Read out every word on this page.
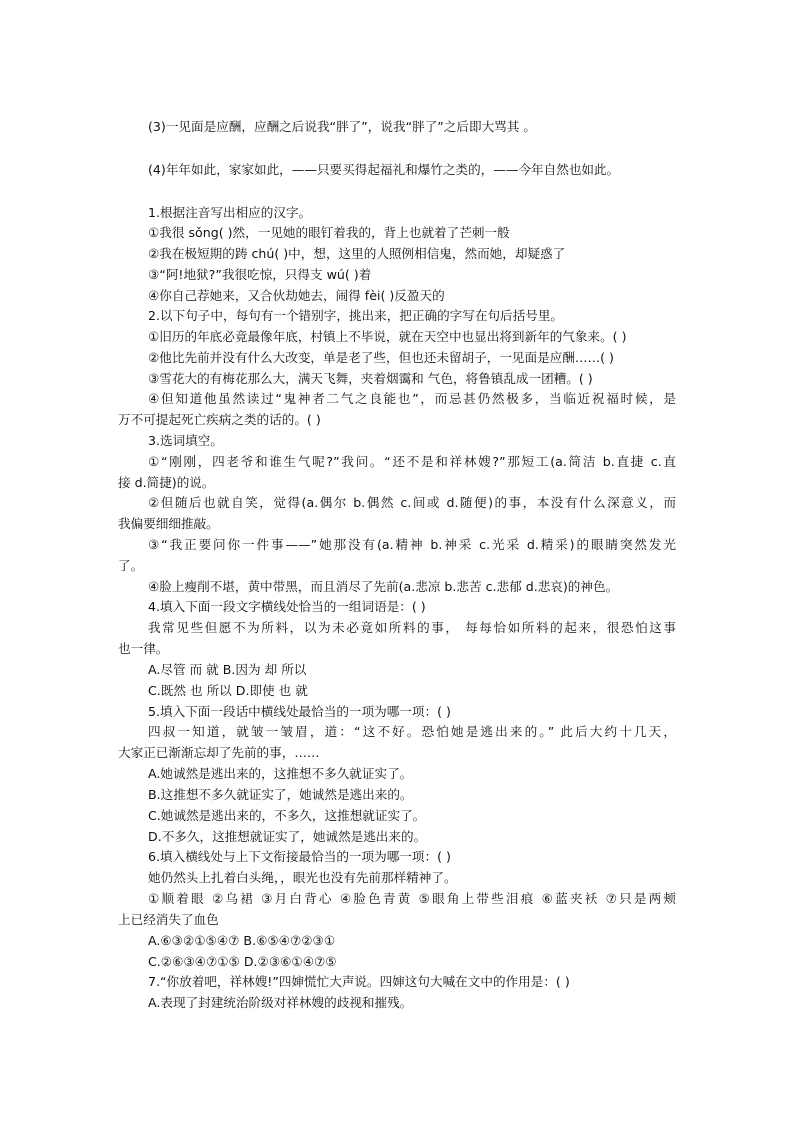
(3)一见面是应酬，应酬之后说我“胖了”，说我“胖了”之后即大骂其 。
(4)年年如此，家家如此，——只要买得起福礼和爆竹之类的，——今年自然也如此。
1.根据注音写出相应的汉字。
①我很 sǒng( )然，一见她的眼钉着我的，背上也就着了芒刺一般
②我在极短期的踌 chú( )中，想，这里的人照例相信鬼，然而她，却疑惑了
③“阿!地狱?”我很吃惊，只得支 wú( )着
④你自己荐她来，又合伙劫她去，闹得 fèi( )反盈天的
2.以下句子中，每句有一个错别字，挑出来，把正确的字写在句后括号里。
①旧历的年底必竟最像年底，村镇上不毕说，就在天空中也显出将到新年的气象来。( )
②他比先前并没有什么大改变，单是老了些，但也还未留胡子，一见面是应酬……( )
③雪花大的有梅花那么大，满天飞舞，夹着烟霭和 气色，将鲁镇乱成一团糟。( )
④但知道他虽然读过“鬼神者二气之良能也”，而忌甚仍然极多，当临近祝福时候，是
万不可提起死亡疾病之类的话的。( )
3.选词填空。
①“刚刚，四老爷和谁生气呢?”我问。“还不是和祥林嫂?”那短工(a.简洁 b.直捷 c.直
接 d.简捷)的说。
②但随后也就自笑，觉得(a.偶尔 b.偶然 c.间或 d.随便)的事，本没有什么深意义，而
我偏要细细推敲。
③“我正要问你一件事——”她那没有(a.精神 b.神采 c.光采 d.精采)的眼睛突然发光
了。
④脸上瘦削不堪，黄中带黑，而且消尽了先前(a.悲凉 b.悲苦 c.悲郁 d.悲哀)的神色。
4.填入下面一段文字横线处恰当的一组词语是：( )
我常见些但愿不为所料，以为未必竟如所料的事， 每每恰如所料的起来，很恐怕这事
也一律。
A.尽管 而 就 B.因为 却 所以
C.既然 也 所以 D.即使 也 就
5.填入下面一段话中横线处最恰当的一项为哪一项：( )
四叔一知道，就皱一皱眉，道：“这不好。恐怕她是逃出来的。” 此后大约十几天，
大家正已渐渐忘却了先前的事，……
A.她诚然是逃出来的，这推想不多久就证实了。
B.这推想不多久就证实了，她诚然是逃出来的。
C.她诚然是逃出来的，不多久，这推想就证实了。
D.不多久，这推想就证实了，她诚然是逃出来的。
6.填入横线处与上下文衔接最恰当的一项为哪一项：( )
她仍然头上扎着白头绳，，眼光也没有先前那样精神了。
①顺着眼 ②乌裙 ③月白背心 ④脸色青黄 ⑤眼角上带些泪痕 ⑥蓝夹袄 ⑦只是两颊
上已经消失了血色
A.⑥③②①⑤④⑦ B.⑥⑤④⑦②③①
C.②⑥③④⑦①⑤ D.②③⑥①④⑦⑤
7.“你放着吧，祥林嫂!”四婶慌忙大声说。四婶这句大喊在文中的作用是：( )
A.表现了封建统治阶级对祥林嫂的歧视和摧残。
